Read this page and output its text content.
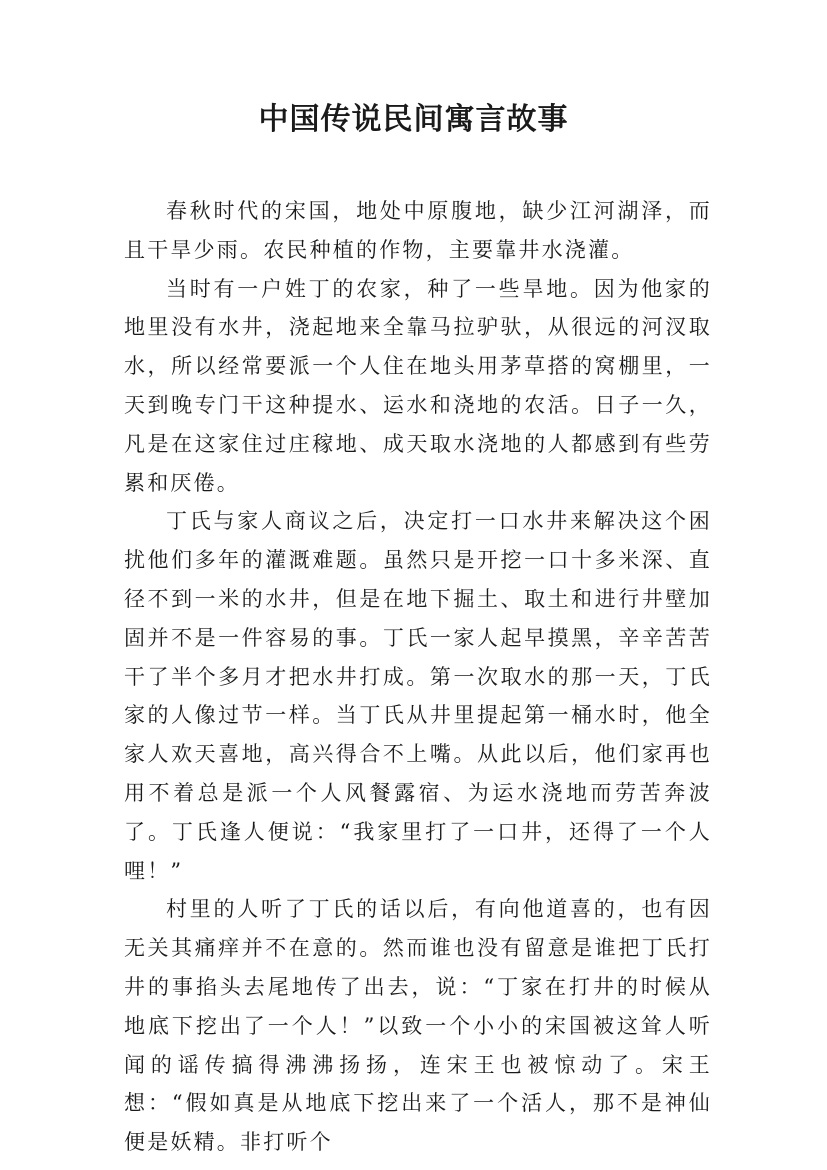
中国传说民间寓言故事

春秋时代的宋国，地处中原腹地，缺少江河湖泽，而且干旱少雨。农民种植的作物，主要靠井水浇灌。

当时有一户姓丁的农家，种了一些旱地。因为他家的地里没有水井，浇起地来全靠马拉驴驮，从很远的河汊取水，所以经常要派一个人住在地头用茅草搭的窝棚里，一天到晚专门干这种提水、运水和浇地的农活。日子一久，凡是在这家住过庄稼地、成天取水浇地的人都感到有些劳累和厌倦。

丁氏与家人商议之后，决定打一口水井来解决这个困扰他们多年的灌溉难题。虽然只是开挖一口十多米深、直径不到一米的水井，但是在地下掘土、取土和进行井壁加固并不是一件容易的事。丁氏一家人起早摸黑，辛辛苦苦干了半个多月才把水井打成。第一次取水的那一天，丁氏家的人像过节一样。当丁氏从井里提起第一桶水时，他全家人欢天喜地，高兴得合不上嘴。从此以后，他们家再也用不着总是派一个人风餐露宿、为运水浇地而劳苦奔波了。丁氏逢人便说：“我家里打了一口井，还得了一个人哩！”

村里的人听了丁氏的话以后，有向他道喜的，也有因无关其痛痒并不在意的。然而谁也没有留意是谁把丁氏打井的事掐头去尾地传了出去，说：“丁家在打井的时候从地底下挖出了一个人！”以致一个小小的宋国被这耸人听闻的谣传搞得沸沸扬扬，连宋王也被惊动了。宋王想：“假如真是从地底下挖出来了一个活人，那不是神仙便是妖精。非打听个
